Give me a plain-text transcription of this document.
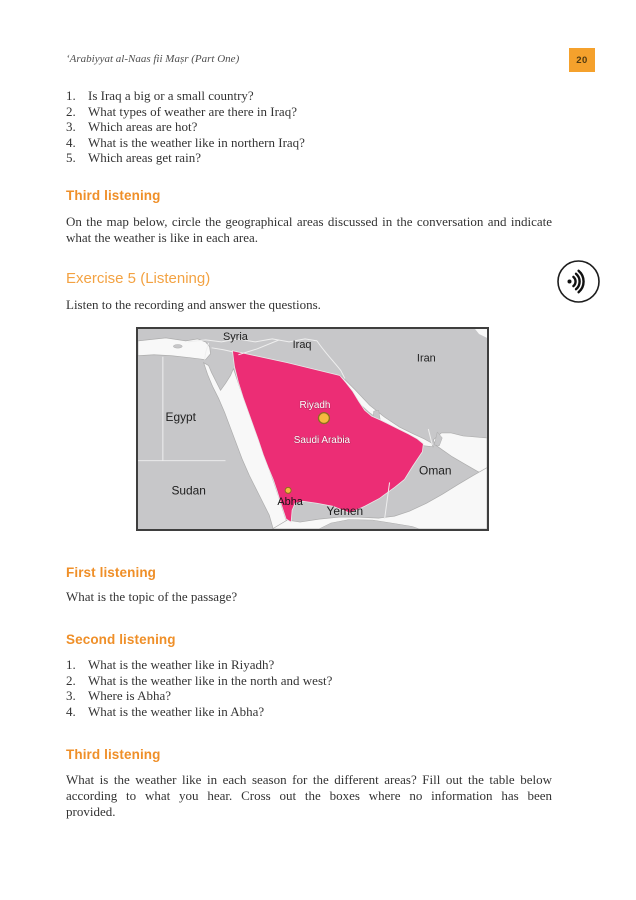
‘Arabiyyat al-Naas fii Maṣr (Part One)	20
1. Is Iraq a big or a small country?
2. What types of weather are there in Iraq?
3. Which areas are hot?
4. What is the weather like in northern Iraq?
5. Which areas get rain?
Third listening
On the map below, circle the geographical areas discussed in the conversation and indicate
what the weather is like in each area.
Exercise 5 (Listening)
Listen to the recording and answer the questions.
Syria
Iraq
Iran
Egypt
Sudan
Oman
Yemen
Riyadh
Saudi Arabia
Abha
First listening
What is the topic of the passage?
Second listening
1. What is the weather like in Riyadh?
2. What is the weather like in the north and west?
3. Where is Abha?
4. What is the weather like in Abha?
Third listening
What is the weather like in each season for the different areas? Fill out the table below
according to what you hear. Cross out the boxes where no information has been
provided.
